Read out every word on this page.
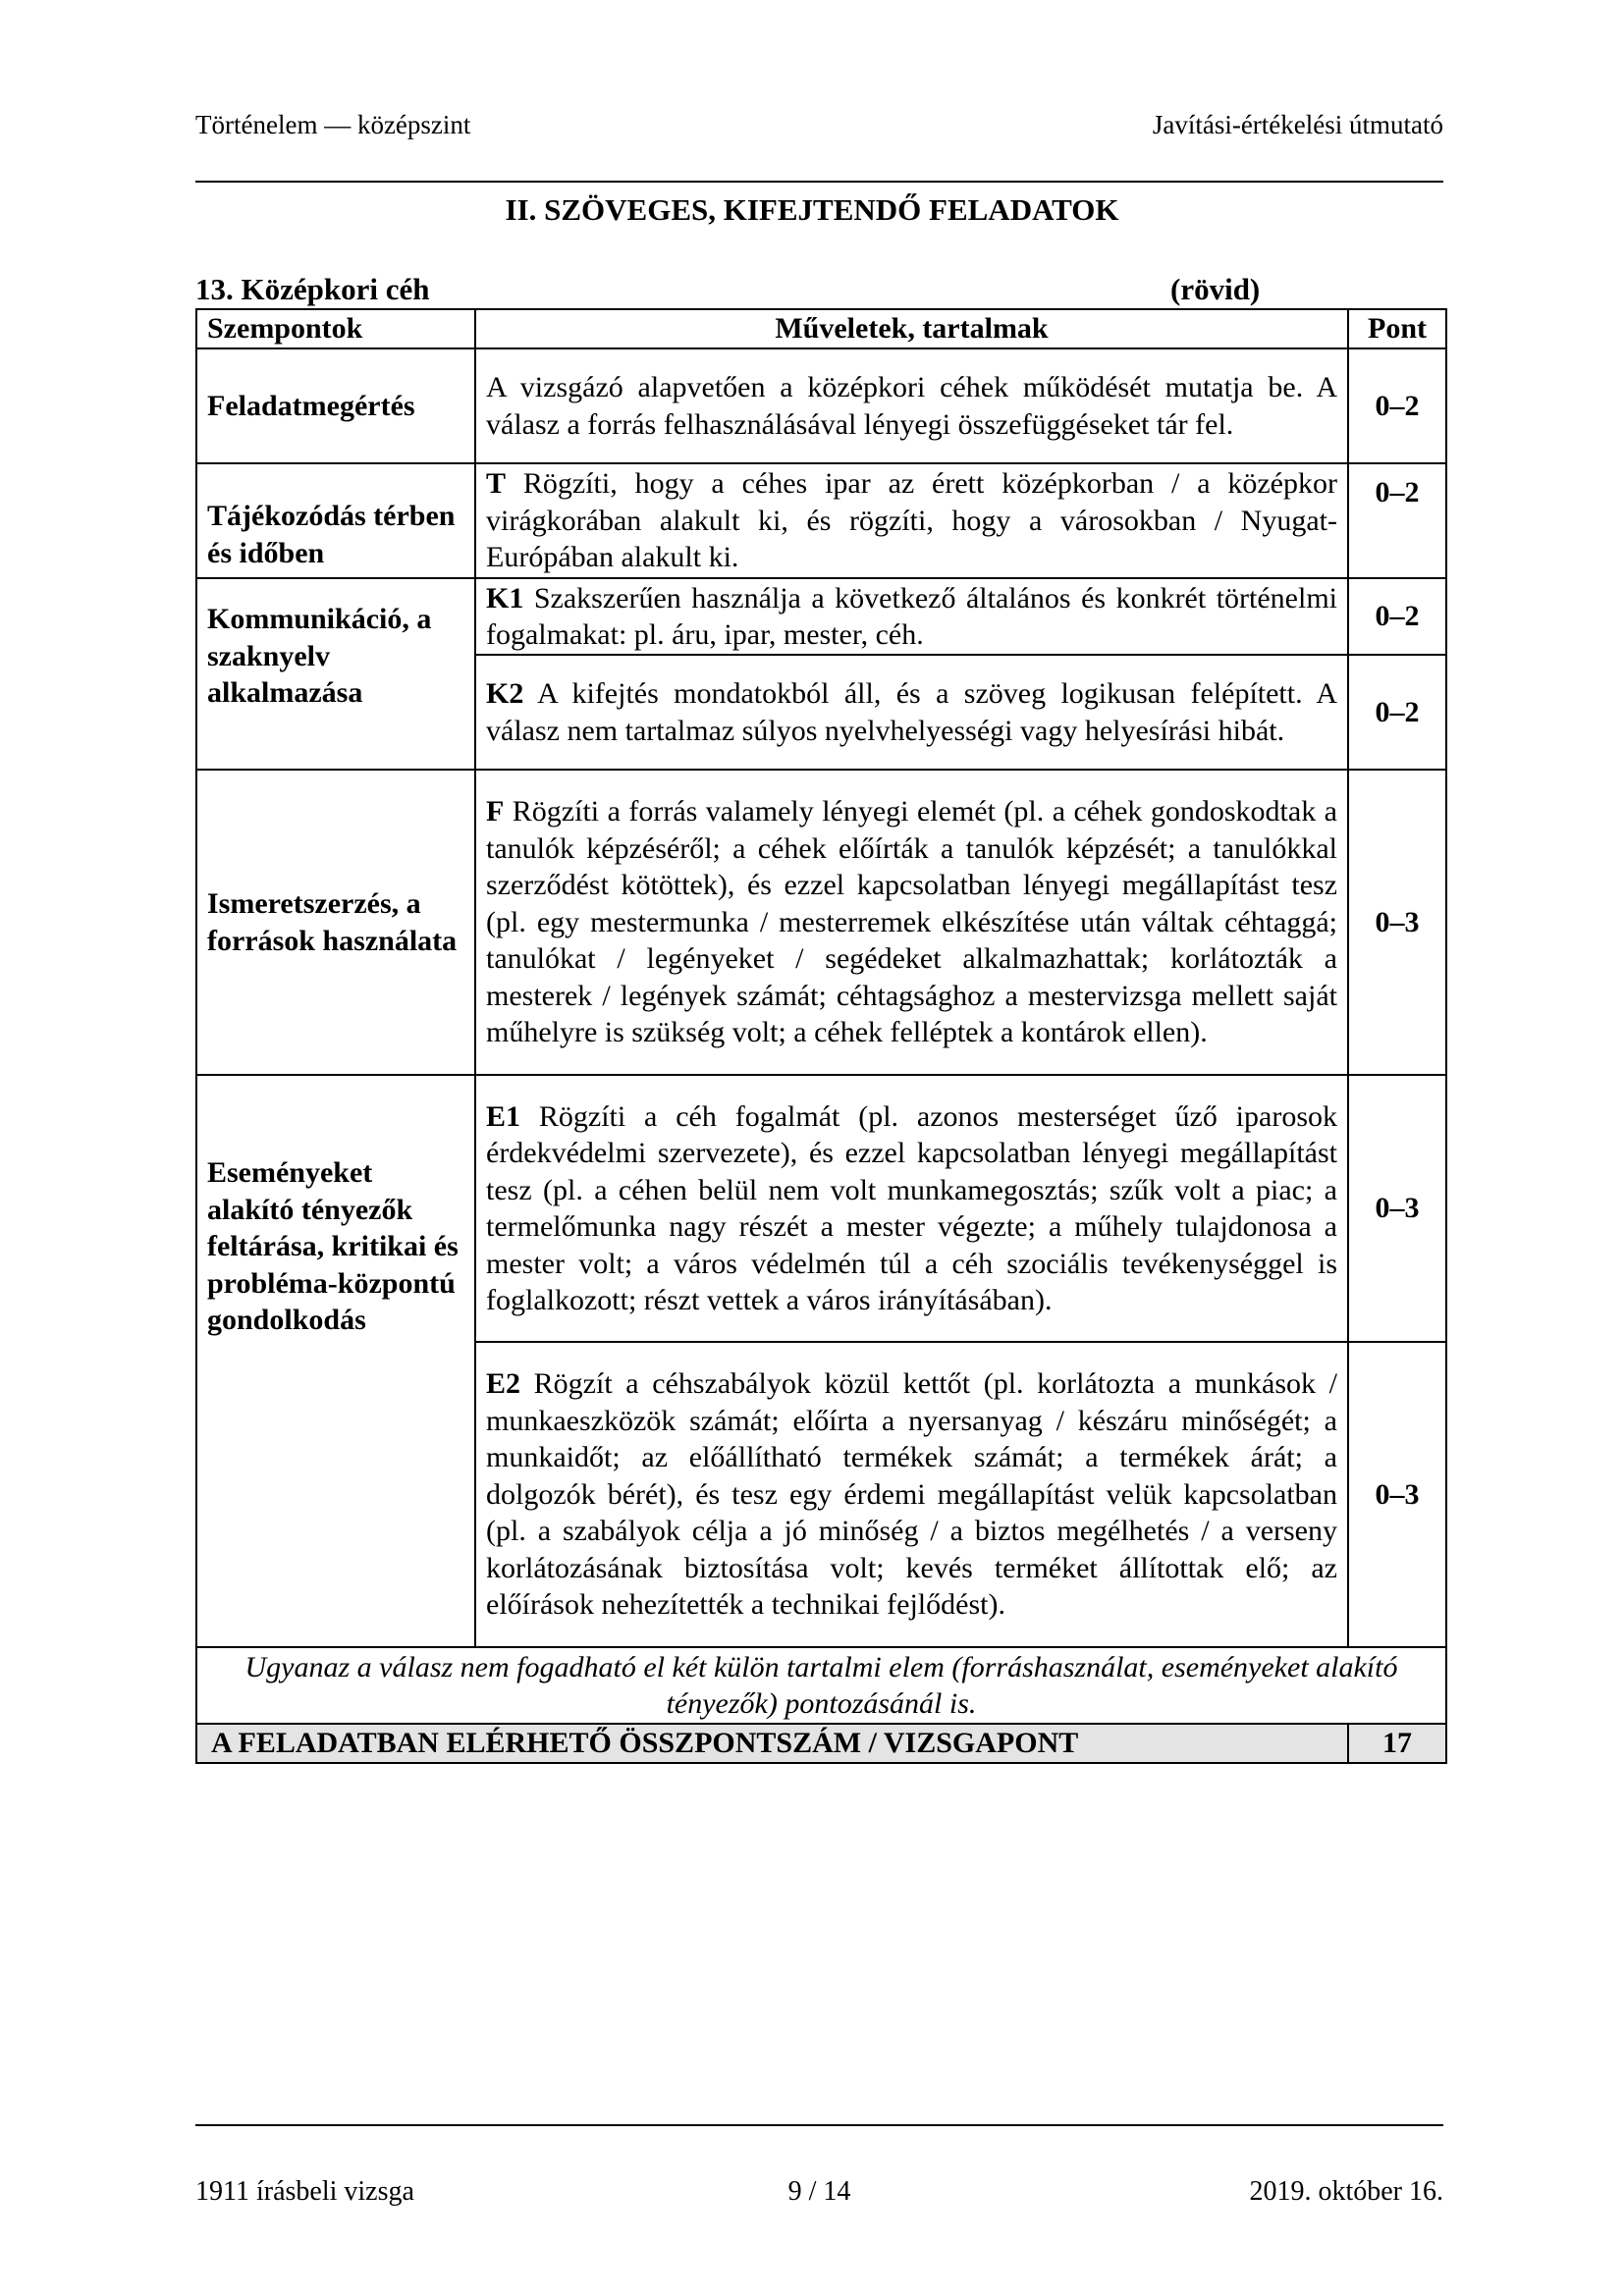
Történelem — középszint	Javítási-értékelési útmutató
II. SZÖVEGES, KIFEJTENDŐ FELADATOK
13. Középkori céh	(rövid)
Szempontok	Műveletek, tartalmak	Pont
Feladatmegértés	A vizsgázó alapvetően a középkori céhek működését mutatja be. A válasz a forrás felhasználásával lényegi összefüggéseket tár fel.	0–2
Tájékozódás térben és időben	T Rögzíti, hogy a céhes ipar az érett középkorban / a középkor virágkorában alakult ki, és rögzíti, hogy a városokban / Nyugat-Európában alakult ki.	0–2
Kommunikáció, a szaknyelv alkalmazása	K1 Szakszerűen használja a következő általános és konkrét történelmi fogalmakat: pl. áru, ipar, mester, céh.	0–2
	K2 A kifejtés mondatokból áll, és a szöveg logikusan felépített. A válasz nem tartalmaz súlyos nyelvhelyességi vagy helyesírási hibát.	0–2
Ismeretszerzés, a források használata	F Rögzíti a forrás valamely lényegi elemét (pl. a céhek gondoskodtak a tanulók képzéséről; a céhek előírták a tanulók képzését; a tanulókkal szerződést kötöttek), és ezzel kapcsolatban lényegi megállapítást tesz (pl. egy mestermunka / mesterremek elkészítése után váltak céhtaggá; tanulókat / legényeket / segédeket alkalmazhattak; korlátozták a mesterek / legények számát; céhtagsághoz a mestervizsga mellett saját műhelyre is szükség volt; a céhek felléptek a kontárok ellen).	0–3
Eseményeket alakító tényezők feltárása, kritikai és probléma-központú gondolkodás	E1 Rögzíti a céh fogalmát (pl. azonos mesterséget űző iparosok érdekvédelmi szervezete), és ezzel kapcsolatban lényegi megállapítást tesz (pl. a céhen belül nem volt munkamegosztás; szűk volt a piac; a termelőmunka nagy részét a mester végezte; a műhely tulajdonosa a mester volt; a város védelmén túl a céh szociális tevékenységgel is foglalkozott; részt vettek a város irányításában).	0–3
	E2 Rögzít a céhszabályok közül kettőt (pl. korlátozta a munkások / munkaeszközök számát; előírta a nyersanyag / készáru minőségét; a munkaidőt; az előállítható termékek számát; a termékek árát; a dolgozók bérét), és tesz egy érdemi megállapítást velük kapcsolatban (pl. a szabályok célja a jó minőség / a biztos megélhetés / a verseny korlátozásának biztosítása volt; kevés terméket állítottak elő; az előírások nehezítették a technikai fejlődést).	0–3
Ugyanaz a válasz nem fogadható el két külön tartalmi elem (forráshasználat, eseményeket alakító tényezők) pontozásánál is.		
A FELADATBAN ELÉRHETŐ ÖSSZPONTSZÁM / VIZSGAPONT		17
1911 írásbeli vizsga	9 / 14	2019. október 16.
